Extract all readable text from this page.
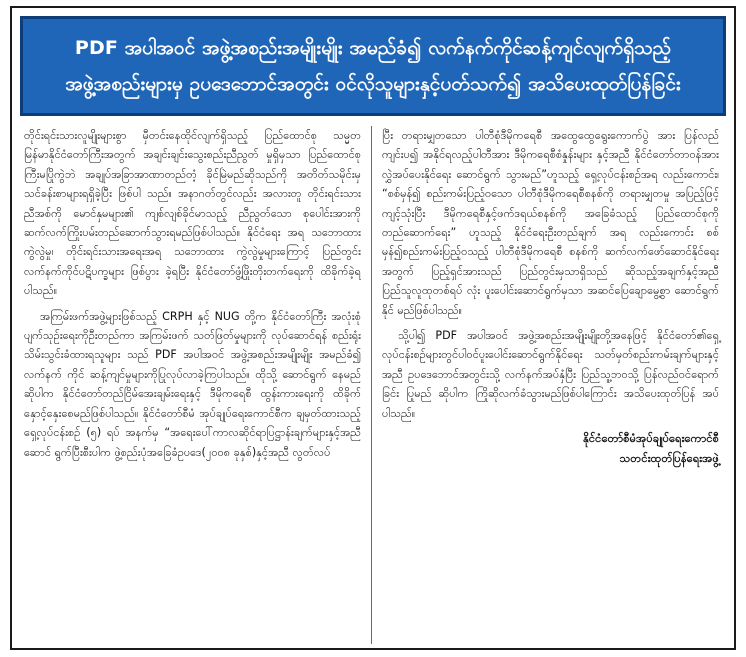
PDF အပါအဝင် အဖွဲ့အစည်းအမျိုးမျိုး အမည်ခံ၍ လက်နက်ကိုင်ဆန့်ကျင်လျက်ရှိသည့်
အဖွဲ့အစည်းများမှ ဥပဒေဘောင်အတွင်း ဝင်လိုသူများနှင့်ပတ်သက်၍ အသိပေးထုတ်ပြန်ခြင်း

တိုင်းရင်းသားလူမျိုးများစွာ မှီတင်းနေထိုင်လျက်ရှိသည့် ပြည်ထောင်စု သမ္မတမြန်မာနိုင်ငံတော်ကြီးအတွက် အချင်းချင်းသွေးစည်းညီညွတ် မှုရှိမှသာ ပြည်ထောင်စုကြီးမပြိုကွဲဘဲ အချုပ်အခြာအာဏာတည်တံ့ ခိုင်မြဲမည်ဆိုသည်ကို အတိတ်သမိုင်းမှ သင်ခန်းစာများရရှိခဲ့ပြီး ဖြစ်ပါ သည်။ အနာဂတ်တွင်လည်း အလားတူ တိုင်းရင်းသားညီအစ်ကို မောင်နှမများ၏ ကျစ်လျစ်ခိုင်မာသည့် ညီညွတ်သော စုပေါင်းအားကို ဆက်လက်ကြိုးပမ်းတည်ဆောက်သွားရမည်ဖြစ်ပါသည်။ နိုင်ငံရေး အရ သဘောထားကွဲလွဲမှု၊ တိုင်းရင်းသားအရေးအရ သဘောထား ကွဲလွဲမှုများကြောင့် ပြည်တွင်းလက်နက်ကိုင်ပဋိပက္ခများ ဖြစ်ပွား ခဲ့ရပြီး နိုင်ငံတော်ဖွံ့ဖြိုးတိုးတက်ရေးကို ထိခိုက်ခဲ့ရပါသည်။

အကြမ်းဖက်အဖွဲ့များဖြစ်သည့် CRPH နှင့် NUG တို့က နိုင်ငံတော်ကြီး အလုံးစုံပျက်သုဉ်းရေးကိုဦးတည်ကာ အကြမ်းဖက် သတ်ဖြတ်မှုများကို လုပ်ဆောင်ရန် စည်းရုံးသိမ်းသွင်းခံထားရသူများ သည် PDF အပါအဝင် အဖွဲ့အစည်းအမျိုးမျိုး အမည်ခံ၍ လက်နက် ကိုင် ဆန့်ကျင်မှုများကိုပြုလုပ်လာခဲ့ကြပါသည်။ ထိုသို့ ဆောင်ရွက် နေမည်ဆိုပါက နိုင်ငံတော်တည်ငြိမ်အေးချမ်းရေးနှင့် ဒီမိုကရေစီ ထွန်းကားရေးကို ထိခိုက်နှောင့်နှေးစေမည်ဖြစ်ပါသည်။ နိုင်ငံတော်စီမံ အုပ်ချုပ်ရေးကောင်စီက ချမှတ်ထားသည့် ရှေ့လုပ်ငန်းစဉ် (၅) ရပ် အနက်မှ “အရေးပေါ်ကာလဆိုင်ရာပြဋ္ဌာန်းချက်များနှင့်အညီ ဆောင် ရွက်ပြီးစီးပါက ဖွဲ့စည်းပုံအခြေခံဥပဒေ(၂၀၀၈ ခုနှစ်)နှင့်အညီ လွတ်လပ်

ပြီး တရားမျှတသော ပါတီစုံဒီမိုကရေစီ အထွေထွေရွေးကောက်ပွဲ အား ပြန်လည်ကျင်းပ၍ အနိုင်ရလည့်ပါတီအား ဒီမိုကရေစီစံနှုန်းများ နှင့်အညီ နိုင်ငံတော်တာဝန်အား လွှဲအပ်ပေးနိုင်ရေး ဆောင်ရွက် သွားမည်”ဟူသည့် ရှေ့လုပ်ငန်းစဉ်အရ လည်းကောင်း၊ “စစ်မှန်၍ စည်းကမ်းပြည့်ဝသော ပါတီစုံဒီမိုကရေစီစနစ်ကို တရားမျှတမှု အပြည့်ဖြင့်ကျင့်သုံးပြီး ဒီမိုကရေစီနှင့်ဖက်ဒရယ်စနစ်ကို အခြေခံသည့် ပြည်ထောင်စုကို တည်ဆောက်ရေး” ဟူသည့် နိုင်ငံရေးဦးတည်ချက် အရ လည်းကောင်း စစ်မှန်၍စည်းကမ်းပြည့်ဝသည့် ပါတီစုံဒီမိုကရေစီ စနစ်ကို ဆက်လက်ဖော်ဆောင်နိုင်ရေးအတွက် ပြည့်ရှင်အားသည် ပြည်တွင်းမှသာရှိသည် ဆိုသည့်အချက်နှင့်အညီ ပြည်သူလူထုတစ်ရပ် လုံး ပူးပေါင်းဆောင်ရွက်မှသာ အဆင်ပြေချောမွေ့စွာ ဆောင်ရွက်နိုင် မည်ဖြစ်ပါသည်။

သို့ပါ၍ PDF အပါအဝင် အဖွဲ့အစည်းအမျိုးမျိုးတို့အနေဖြင့် နိုင်ငံတော်၏ရှေ့လုပ်ငန်းစဉ်များတွင်ပါဝင်ပူးပေါင်းဆောင်ရွက်နိုင်ရေး သတ်မှတ်စည်းကမ်းချက်များနှင့်အညီ ဥပဒေဘောင်အတွင်းသို့ လက်နက်အပ်နှံပြီး ပြည်သူ့ဘဝသို့ ပြန်လည်ဝင်ရောက်ခြင်း ပြုမည် ဆိုပါက ကြိုဆိုလက်ခံသွားမည်ဖြစ်ပါကြောင်း အသိပေးထုတ်ပြန် အပ်ပါသည်။

နိုင်ငံတော်စီမံအုပ်ချုပ်ရေးကောင်စီ
သတင်းထုတ်ပြန်ရေးအဖွဲ့
